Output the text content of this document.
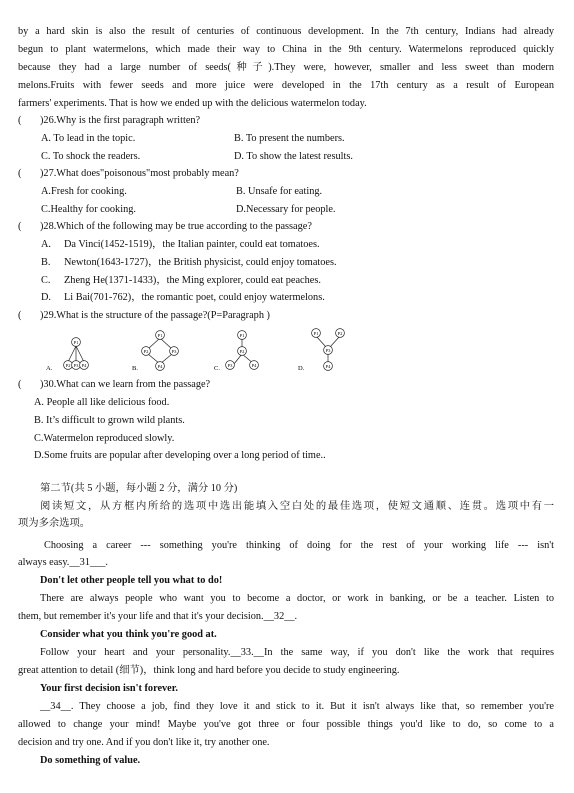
by a hard skin is also the result of centuries of continuous development. In the 7th century, Indians had already
begun to plant watermelons, which made their way to China in the 9th century. Watermelons reproduced quickly
because they had a large number of seeds(种子).They were, however, smaller and less sweet than modern
melons.Fruits with fewer seeds and more juice were developed in the 17th century as a result of European
farmers' experiments. That is how we ended up with the delicious watermelon today.
( )26.Why is the first paragraph written?
A. To lead in the topic.	B. To present the numbers.
C. To shock the readers.	D. To show the latest results.
( )27.What does"poisonous"most probably mean?
A.Fresh for cooking.	B. Unsafe for eating.
C.Healthy for cooking.	D.Necessary for people.
( )28.Which of the following may be true according to the passage?
A. Da Vinci(1452-1519)，the Italian painter, could eat tomatoes.
B. Newton(1643-1727)，the British physicist, could enjoy tomatoes.
C. Zheng He(1371-1433)，the Ming explorer, could eat peaches.
D. Li Bai(701-762)，the romantic poet, could enjoy watermelons.
( )29.What is the structure of the passage?(P=Paragraph )
P1
P2 P3 P4
P1
P2	P3
P4
P1
P2
P3	P4
P1	P2
P3
P4
A.	B.	C.	D.
( )30.What can we learn from the passage?
A. People all like delicious food.
B. It’s difficult to grown wild plants.
C.Watermelon reproduced slowly.
D.Some fruits are popular after developing over a long period of time..
第二节(共 5 小题，每小题 2 分，满分 10 分)
阅读短文，从方框内所给的选项中选出能填入空白处的最佳选项，使短文通顺、连贯。选项中有一
项为多余选项。
Choosing a career --- something you're thinking of doing for the rest of your working life --- isn't
always easy.__31___.
Don't let other people tell you what to do!
There are always people who want you to become a doctor, or work in banking, or be a teacher. Listen to
them, but remember it's your life and that it's your decision.__32__.
Consider what you think you're good at.
Follow your heart and your personality.__33.__In the same way, if you don't like the work that requires
great attention to detail (细节)，think long and hard before you decide to study engineering.
Your first decision isn't forever.
__34__. They choose a job, find they love it and stick to it. But it isn't always like that, so remember you're
allowed to change your mind! Maybe you've got three or four possible things you'd like to do, so come to a
decision and try one. And if you don't like it, try another one.
Do something of value.
